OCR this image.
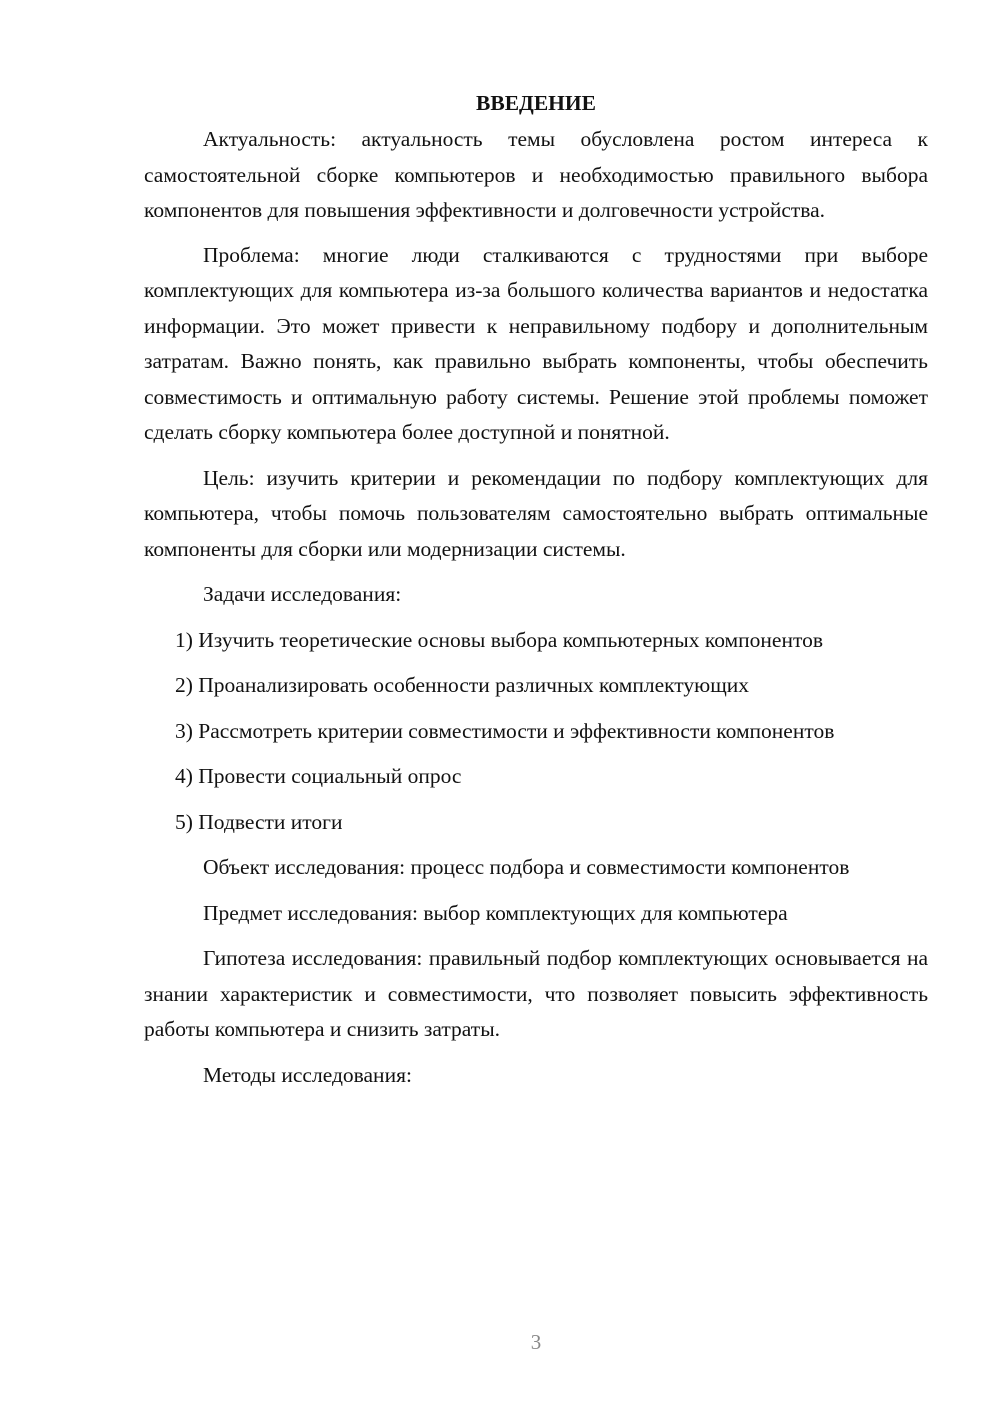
ВВЕДЕНИЕ

Актуальность: актуальность темы обусловлена ростом интереса к самостоятельной сборке компьютеров и необходимостью правильного выбора компонентов для повышения эффективности и долговечности устройства.

Проблема: многие люди сталкиваются с трудностями при выборе комплектующих для компьютера из-за большого количества вариантов и недостатка информации. Это может привести к неправильному подбору и дополнительным затратам. Важно понять, как правильно выбрать компоненты, чтобы обеспечить совместимость и оптимальную работу системы. Решение этой проблемы поможет сделать сборку компьютера более доступной и понятной.

Цель: изучить критерии и рекомендации по подбору комплектующих для компьютера, чтобы помочь пользователям самостоятельно выбрать оптимальные компоненты для сборки или модернизации системы.

Задачи исследования:

1) Изучить теоретические основы выбора компьютерных компонентов

2) Проанализировать особенности различных комплектующих

3) Рассмотреть критерии совместимости и эффективности компонентов

4) Провести социальный опрос

5) Подвести итоги

Объект исследования: процесс подбора и совместимости компонентов

Предмет исследования: выбор комплектующих для компьютера

Гипотеза исследования: правильный подбор комплектующих основывается на знании характеристик и совместимости, что позволяет повысить эффективность работы компьютера и снизить затраты.

Методы исследования:

3
